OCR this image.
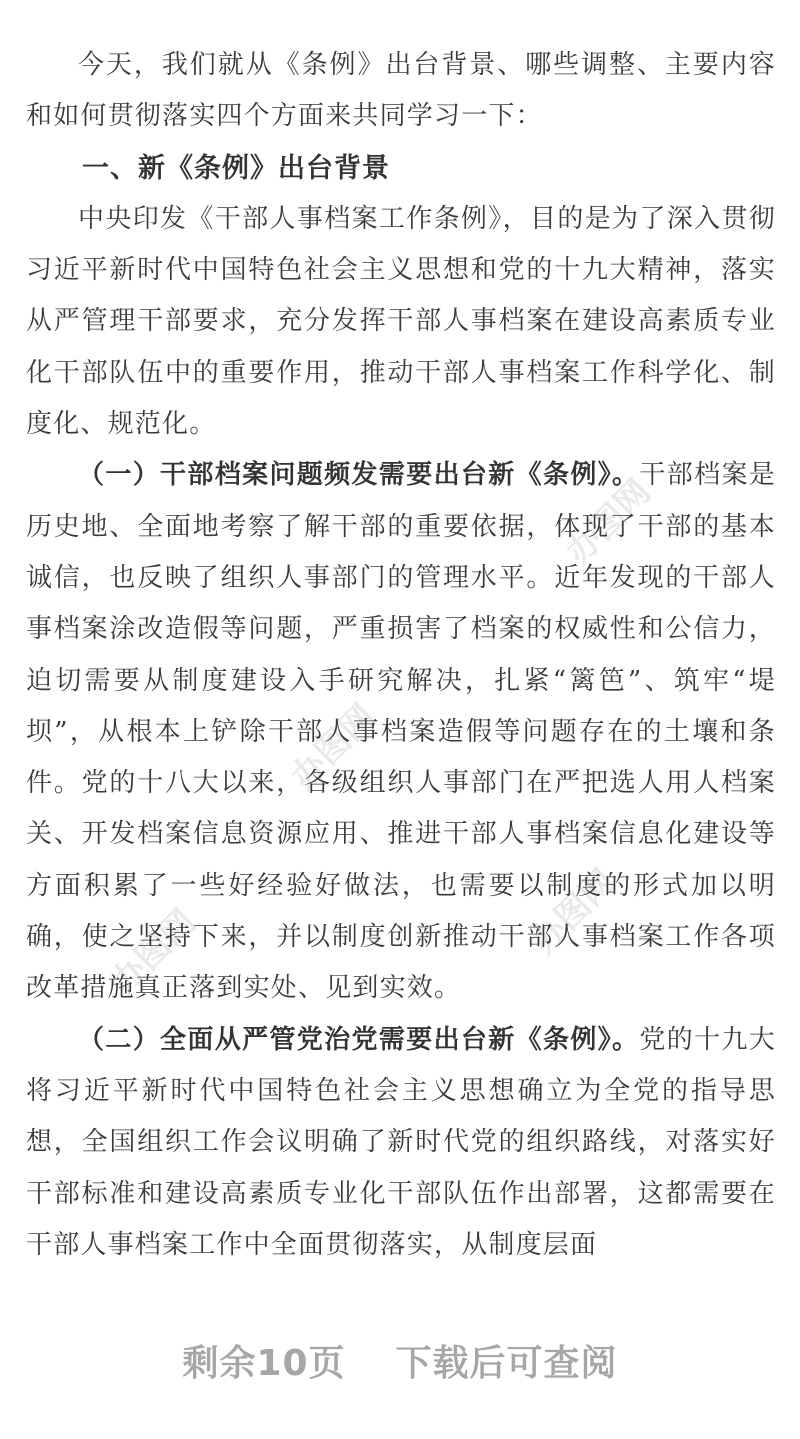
办图网
办图网
办图网
办图网

今天，我们就从《条例》出台背景、哪些调整、主要内容和如何贯彻落实四个方面来共同学习一下：

一、新《条例》出台背景

中央印发《干部人事档案工作条例》，目的是为了深入贯彻习近平新时代中国特色社会主义思想和党的十九大精神，落实从严管理干部要求，充分发挥干部人事档案在建设高素质专业化干部队伍中的重要作用，推动干部人事档案工作科学化、制度化、规范化。

（一）干部档案问题频发需要出台新《条例》。干部档案是历史地、全面地考察了解干部的重要依据，体现了干部的基本诚信，也反映了组织人事部门的管理水平。近年发现的干部人事档案涂改造假等问题，严重损害了档案的权威性和公信力，迫切需要从制度建设入手研究解决，扎紧“篱笆”、筑牢“堤坝”，从根本上铲除干部人事档案造假等问题存在的土壤和条件。党的十八大以来，各级组织人事部门在严把选人用人档案关、开发档案信息资源应用、推进干部人事档案信息化建设等方面积累了一些好经验好做法，也需要以制度的形式加以明确，使之坚持下来，并以制度创新推动干部人事档案工作各项改革措施真正落到实处、见到实效。

（二）全面从严管党治党需要出台新《条例》。党的十九大将习近平新时代中国特色社会主义思想确立为全党的指导思想，全国组织工作会议明确了新时代党的组织路线，对落实好干部标准和建设高素质专业化干部队伍作出部署，这都需要在干部人事档案工作中全面贯彻落实，从制度层面

剩余10页 下载后可查阅
